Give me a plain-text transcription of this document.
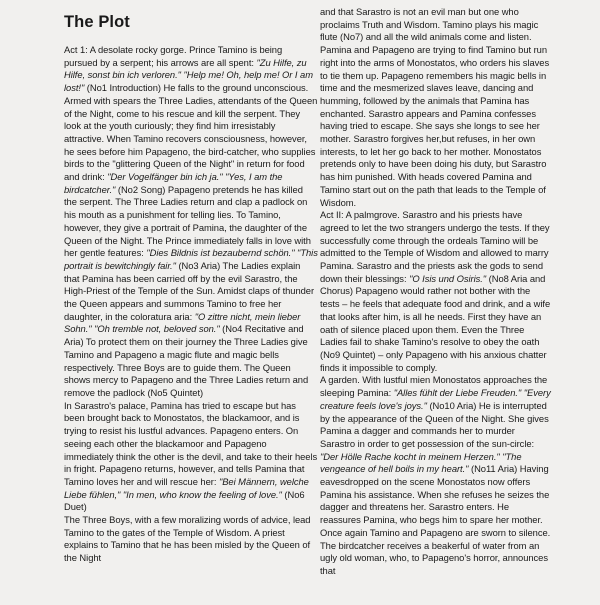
The Plot

Act 1: A desolate rocky gorge. Prince Tamino is being pursued by a serpent; his arrows are all spent: "Zu Hilfe, zu Hilfe, sonst bin ich verloren." "Help me! Oh, help me! Or I am lost!" (No1 Introduction) He falls to the ground unconscious. Armed with spears the Three Ladies, attendants of the Queen of the Night, come to his rescue and kill the serpent. They look at the youth curiously; they find him irresistably attractive. When Tamino recovers consciousness, however, he sees before him Papageno, the bird-catcher, who supplies birds to the "glittering Queen of the Night" in return for food and drink: "Der Vogelfänger bin ich ja." "Yes, I am the birdcatcher." (No2 Song) Papageno pretends he has killed the serpent. The Three Ladies return and clap a padlock on his mouth as a punishment for telling lies. To Tamino, however, they give a portrait of Pamina, the daughter of the Queen of the Night. The Prince immediately falls in love with her gentle features: "Dies Bildnis ist bezaubernd schön." "This portrait is bewitchingly fair." (No3 Aria) The Ladies explain that Pamina has been carried off by the evil Sarastro, the High-Priest of the Temple of the Sun. Amidst claps of thunder the Queen appears and summons Tamino to free her daughter, in the coloratura aria: "O zittre nicht, mein lieber Sohn." "Oh tremble not, beloved son." (No4 Recitative and Aria) To protect them on their journey the Three Ladies give Tamino and Papageno a magic flute and magic bells respectively. Three Boys are to guide them. The Queen shows mercy to Papageno and the Three Ladies return and remove the padlock (No5 Quintet)

In Sarastro's palace, Pamina has tried to escape but has been brought back to Monostatos, the blackamoor, and is trying to resist his lustful advances. Papageno enters. On seeing each other the blackamoor and Papageno immediately think the other is the devil, and take to their heels in fright. Papageno returns, however, and tells Pamina that Tamino loves her and will rescue her: "Bei Männern, welche Liebe fühlen," "In men, who know the feeling of love." (No6 Duet)

The Three Boys, with a few moralizing words of advice, lead Tamino to the gates of the Temple of Wisdom. A priest explains to Tamino that he has been misled by the Queen of the Night

and that Sarastro is not an evil man but one who proclaims Truth and Wisdom. Tamino plays his magic flute (No7) and all the wild animals come and listen. Pamina and Papageno are trying to find Tamino but run right into the arms of Monostatos, who orders his slaves to tie them up. Papageno remembers his magic bells in time and the mesmerized slaves leave, dancing and humming, followed by the animals that Pamina has enchanted. Sarastro appears and Pamina confesses having tried to escape. She says she longs to see her mother. Sarastro forgives her,but refuses, in her own interests, to let her go back to her mother. Monostatos pretends only to have been doing his duty, but Sarastro has him punished. With heads covered Pamina and Tamino start out on the path that leads to the Temple of Wisdom.

Act II: A palmgrove. Sarastro and his priests have agreed to let the two strangers undergo the tests. If they successfully come through the ordeals Tamino will be admitted to the Temple of Wisdom and allowed to marry Pamina. Sarastro and the priests ask the gods to send down their blessings: "O Isis und Osiris." (No8 Aria and Chorus) Papageno would rather not bother with the tests – he feels that adequate food and drink, and a wife that looks after him, is all he needs. First they have an oath of silence placed upon them. Even the Three Ladies fail to shake Tamino's resolve to obey the oath (No9 Quintet) – only Papageno with his anxious chatter finds it impossible to comply.

A garden. With lustful mien Monostatos approaches the sleeping Pamina: "Alles fühlt der Liebe Freuden." "Every creature feels love's joys." (No10 Aria) He is interrupted by the appearance of the Queen of the Night. She gives Pamina a dagger and commands her to murder Sarastro in order to get possession of the sun-circle: "Der Hölle Rache kocht in meinem Herzen." "The vengeance of hell boils in my heart." (No11 Aria) Having eavesdropped on the scene Monostatos now offers Pamina his assistance. When she refuses he seizes the dagger and threatens her. Sarastro enters. He reassures Pamina, who begs him to spare her mother.

Once again Tamino and Papageno are sworn to silence. The birdcatcher receives a beakerful of water from an ugly old woman, who, to Papageno's horror, announces that
